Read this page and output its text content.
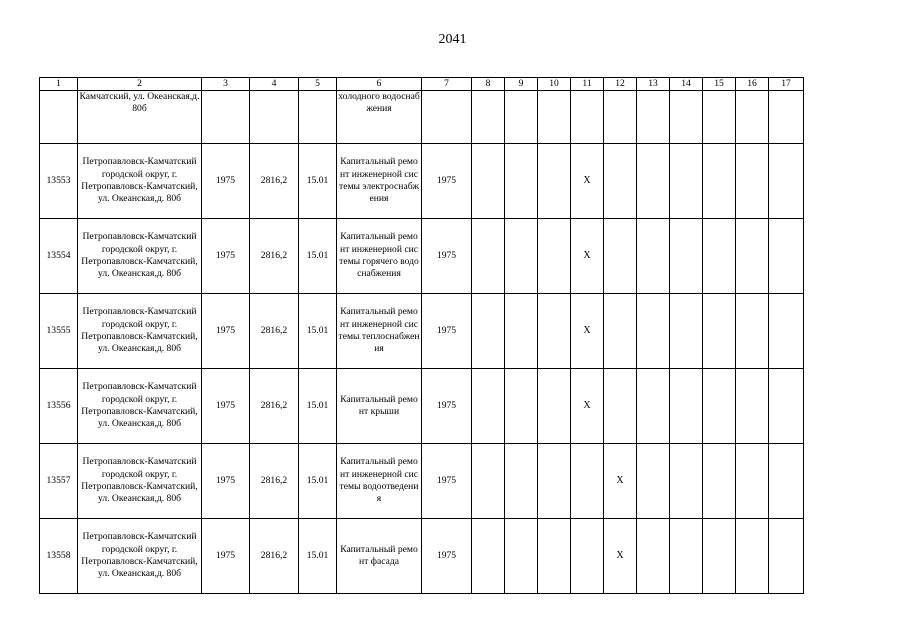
2041
1	2	3	4	5	6	7	8	9	10	11	12	13	14	15	16	17
	Камчатский, ул. Океанская,д. 80б				холодного водоснабжения											
13553	Петропавловск-Камчатский городской округ, г. Петропавловск-Камчатский, ул. Океанская,д. 80б	1975	2816,2	15.01	Капитальный ремонт инженерной системы электроснабжения	1975				X						
13554	Петропавловск-Камчатский городской округ, г. Петропавловск-Камчатский, ул. Океанская,д. 80б	1975	2816,2	15.01	Капитальный ремонт инженерной системы горячего водоснабжения	1975				X						
13555	Петропавловск-Камчатский городской округ, г. Петропавловск-Камчатский, ул. Океанская,д. 80б	1975	2816,2	15.01	Капитальный ремонт инженерной системы теплоснабжения	1975				X						
13556	Петропавловск-Камчатский городской округ, г. Петропавловск-Камчатский, ул. Океанская,д. 80б	1975	2816,2	15.01	Капитальный ремонт крыши	1975				X						
13557	Петропавловск-Камчатский городской округ, г. Петропавловск-Камчатский, ул. Океанская,д. 80б	1975	2816,2	15.01	Капитальный ремонт инженерной системы водоотведения	1975					X					
13558	Петропавловск-Камчатский городской округ, г. Петропавловск-Камчатский, ул. Океанская,д. 80б	1975	2816,2	15.01	Капитальный ремонт фасада	1975					X					
